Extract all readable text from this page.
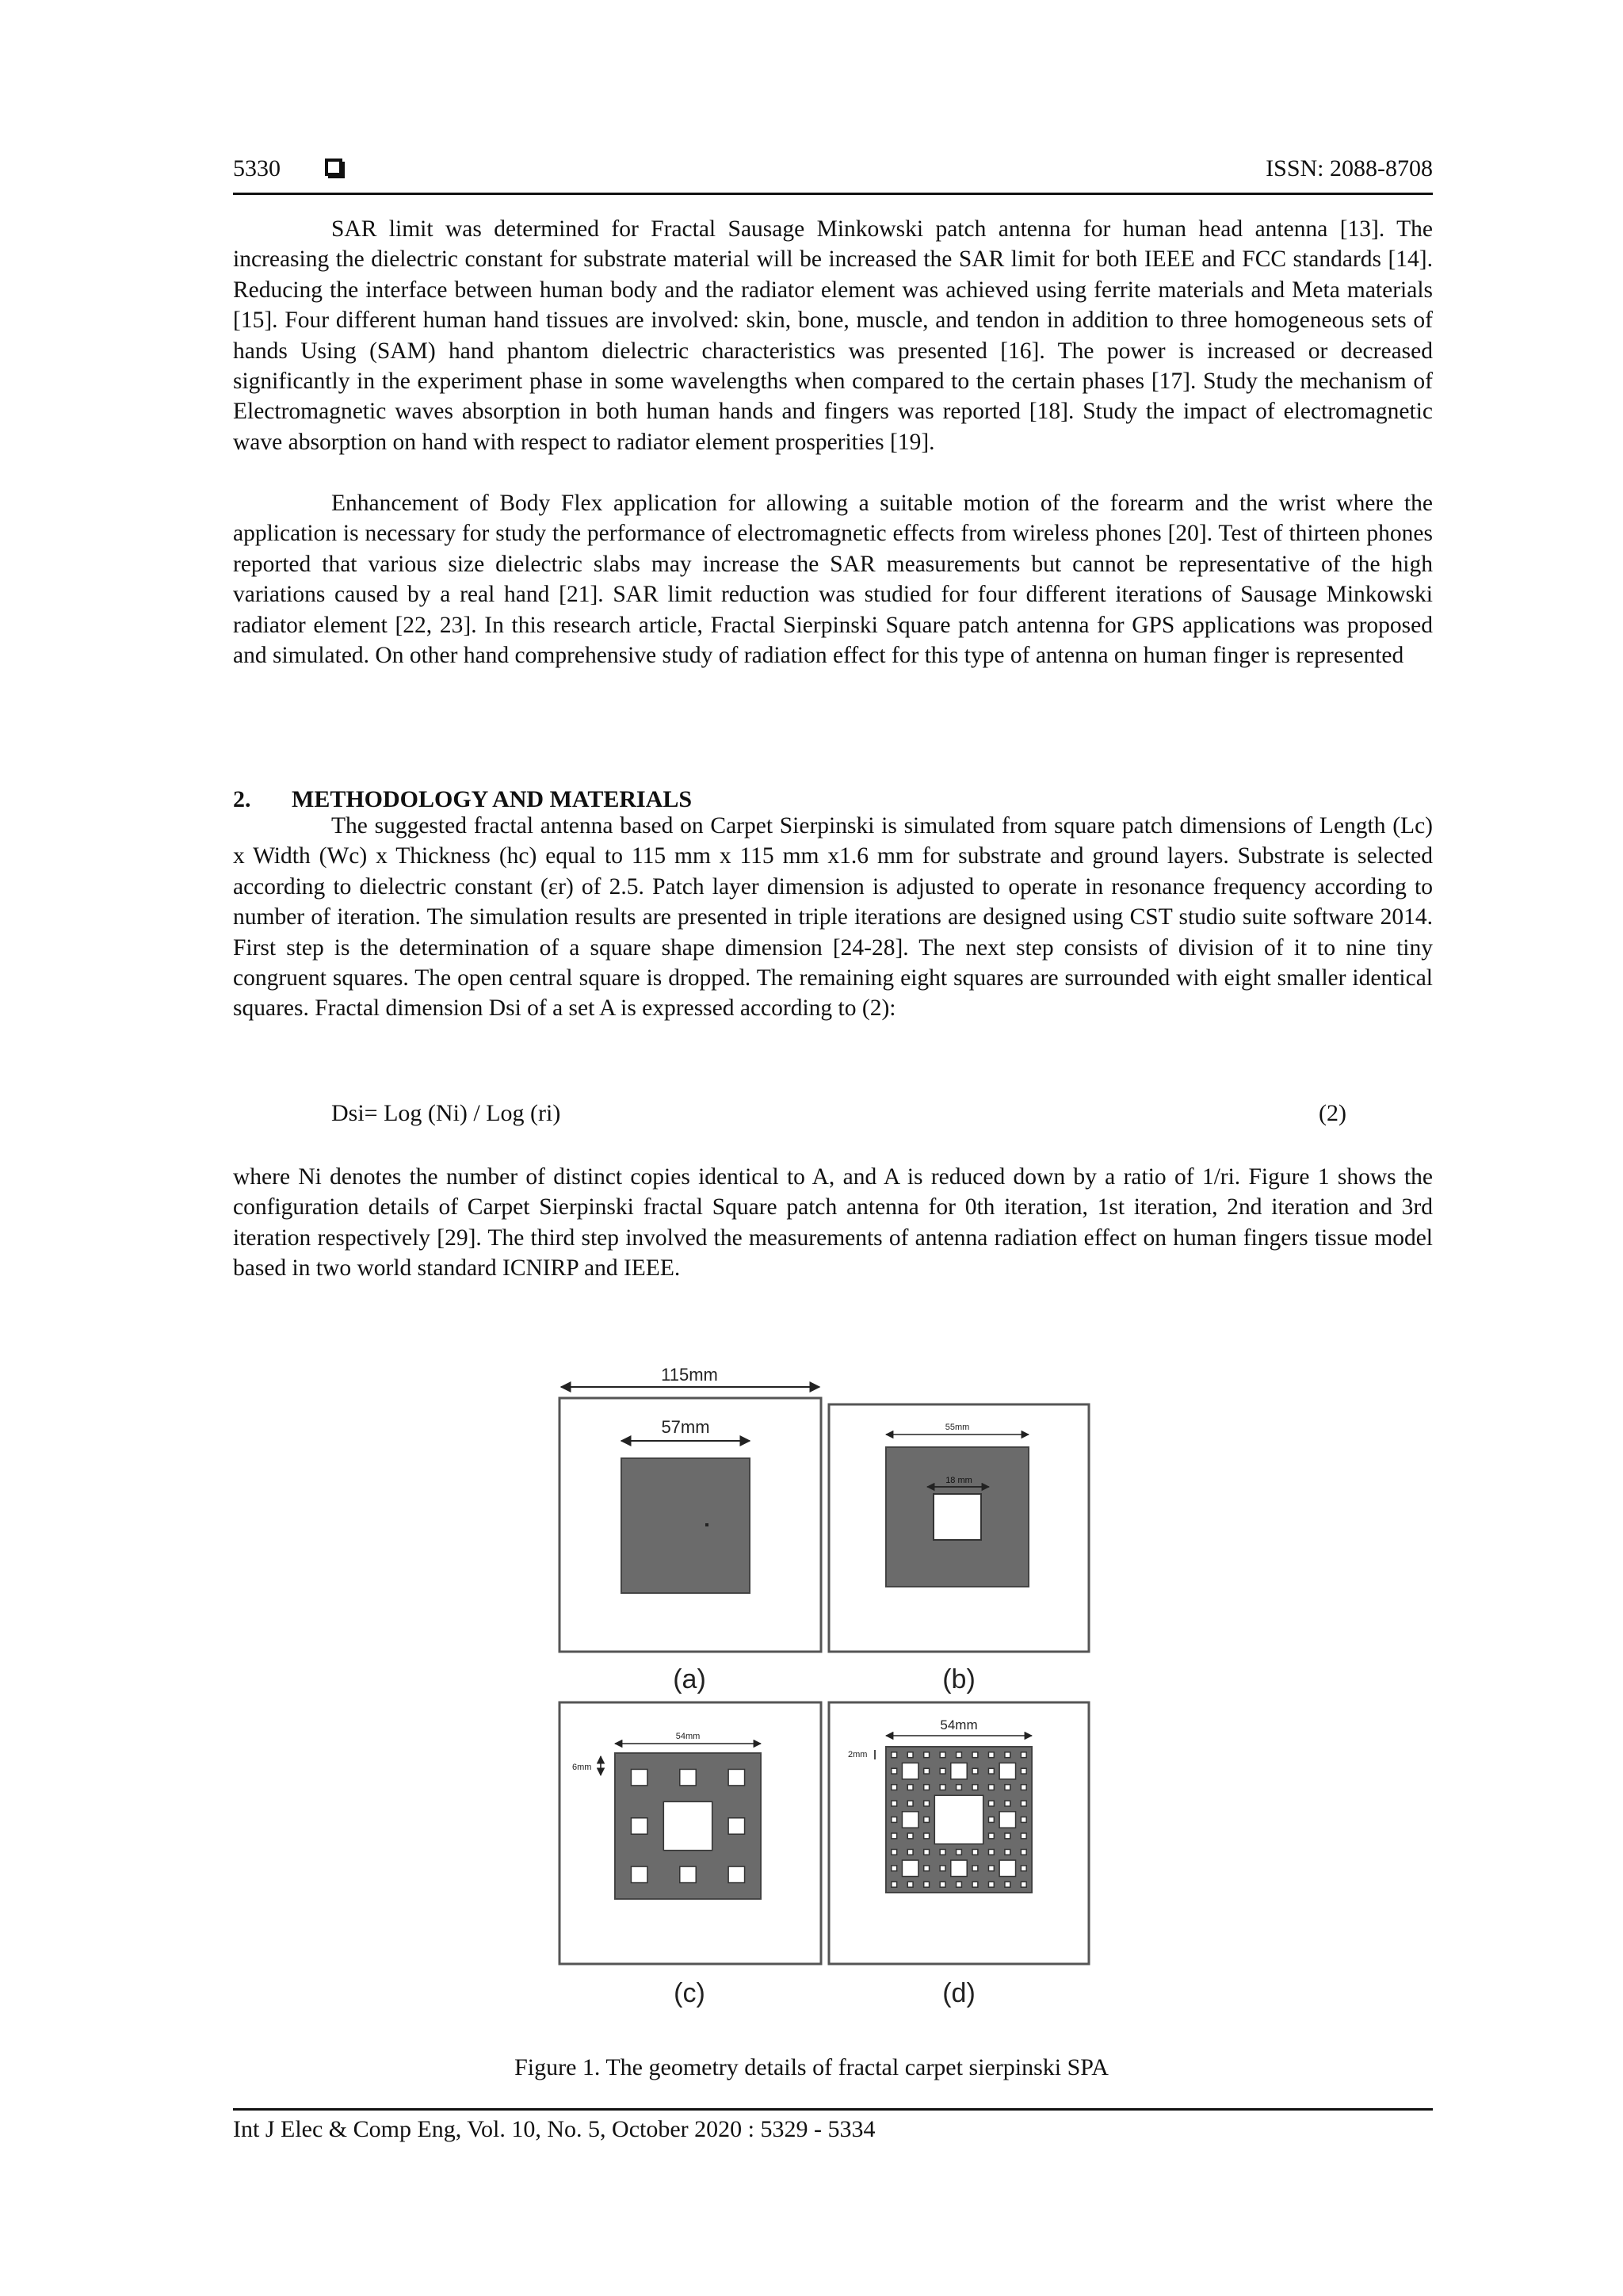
5330	ISSN: 2088-8708

SAR limit was determined for Fractal Sausage Minkowski patch antenna for human head antenna [13]. The increasing the dielectric constant for substrate material will be increased the SAR limit for both IEEE and FCC standards [14]. Reducing the interface between human body and the radiator element was achieved using ferrite materials and Meta materials [15]. Four different human hand tissues are involved: skin, bone, muscle, and tendon in addition to three homogeneous sets of hands Using (SAM) hand phantom dielectric characteristics was presented [16]. The power is increased or decreased significantly in the experiment phase in some wavelengths when compared to the certain phases [17]. Study the mechanism of Electromagnetic waves absorption in both human hands and fingers was reported [18]. Study the impact of electromagnetic wave absorption on hand with respect to radiator element prosperities [19].

Enhancement of Body Flex application for allowing a suitable motion of the forearm and the wrist where the application is necessary for study the performance of electromagnetic effects from wireless phones [20]. Test of thirteen phones reported that various size dielectric slabs may increase the SAR measurements but cannot be representative of the high variations caused by a real hand [21]. SAR limit reduction was studied for four different iterations of Sausage Minkowski radiator element [22, 23]. In this research article, Fractal Sierpinski Square patch antenna for GPS applications was proposed and simulated. On other hand comprehensive study of radiation effect for this type of antenna on human finger is represented

2. METHODOLOGY AND MATERIALS

The suggested fractal antenna based on Carpet Sierpinski is simulated from square patch dimensions of Length (Lc) x Width (Wc) x Thickness (hc) equal to 115 mm x 115 mm x1.6 mm for substrate and ground layers. Substrate is selected according to dielectric constant (εr) of 2.5. Patch layer dimension is adjusted to operate in resonance frequency according to number of iteration. The simulation results are presented in triple iterations are designed using CST studio suite software 2014. First step is the determination of a square shape dimension [24-28]. The next step consists of division of it to nine tiny congruent squares. The open central square is dropped. The remaining eight squares are surrounded with eight smaller identical squares. Fractal dimension Dsi of a set A is expressed according to (2):

Dsi= Log (Ni) / Log (ri)	(2)

where Ni denotes the number of distinct copies identical to A, and A is reduced down by a ratio of 1/ri. Figure 1 shows the configuration details of Carpet Sierpinski fractal Square patch antenna for 0th iteration, 1st iteration, 2nd iteration and 3rd iteration respectively [29]. The third step involved the measurements of antenna radiation effect on human fingers tissue model based in two world standard ICNIRP and IEEE.

115mm
57mm
(a)
55mm
18 mm
(b)
54mm
6mm
(c)
54mm
2mm
(d)
Figure 1. The geometry details of fractal carpet sierpinski SPA
Int J Elec & Comp Eng, Vol. 10, No. 5, October 2020 : 5329 - 5334
